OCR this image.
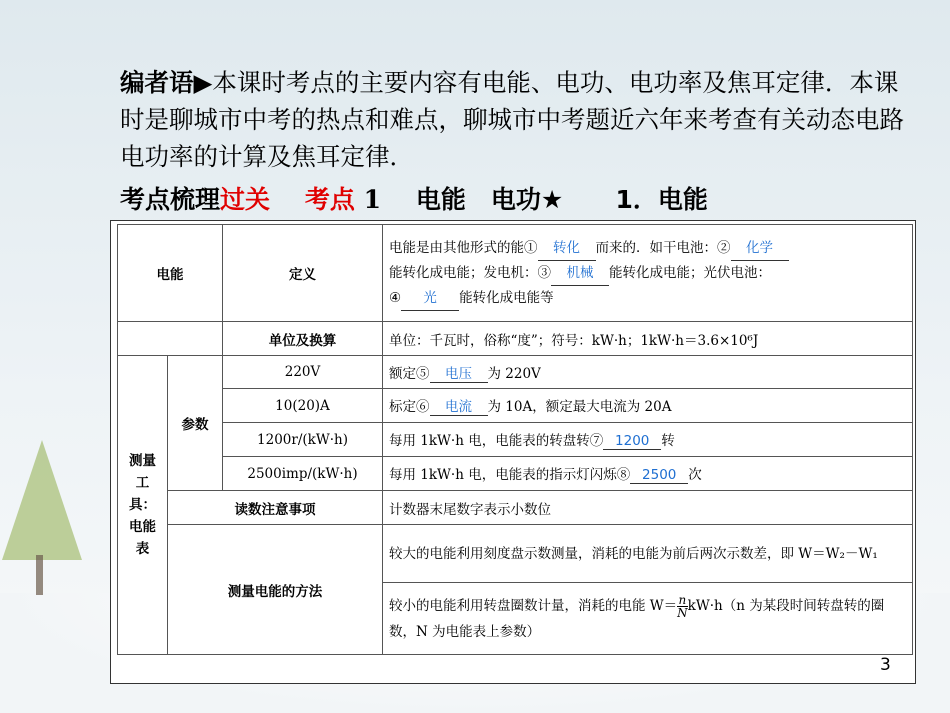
编者语▶本课时考点的主要内容有电能、电功、电功率及焦耳定律．本课时是聊城市中考的热点和难点，聊城市中考题近六年来考查有关动态电路电功率的计算及焦耳定律．
考点梳理过关 考点 1 电能　电功★ 1．电能
电能		定义	电能是由其他形式的能① 转化 而来的．如干电池：② 化学
能转化成电能；发电机：③ 机械 能转化成电能；光伏电池：
④ 光 能转化成电能等
		单位及换算	单位：千瓦时，俗称“度”；符号：kW·h；1kW·h＝3.6×10⁶J
测量工具：电能表	参数	220V	额定⑤ 电压 为 220V
		10(20)A	标定⑥ 电流 为 10A，额定最大电流为 20A
		1200r/(kW·h)	每用 1kW·h 电，电能表的转盘转⑦ 1200 转
		2500imp/(kW·h)	每用 1kW·h 电，电能表的指示灯闪烁⑧ 2500 次
	读数注意事项		计数器末尾数字表示小数位
	测量电能的方法		较大的电能利用刻度盘示数测量，消耗的电能为前后两次示数差，即 W＝W₂－W₁
			较小的电能利用转盘圈数计量，消耗的电能 $W= \frac{n}{N} kW\cdot h(n$ 为某段时间转盘转的圈数，N 为电能表上参数）
3
